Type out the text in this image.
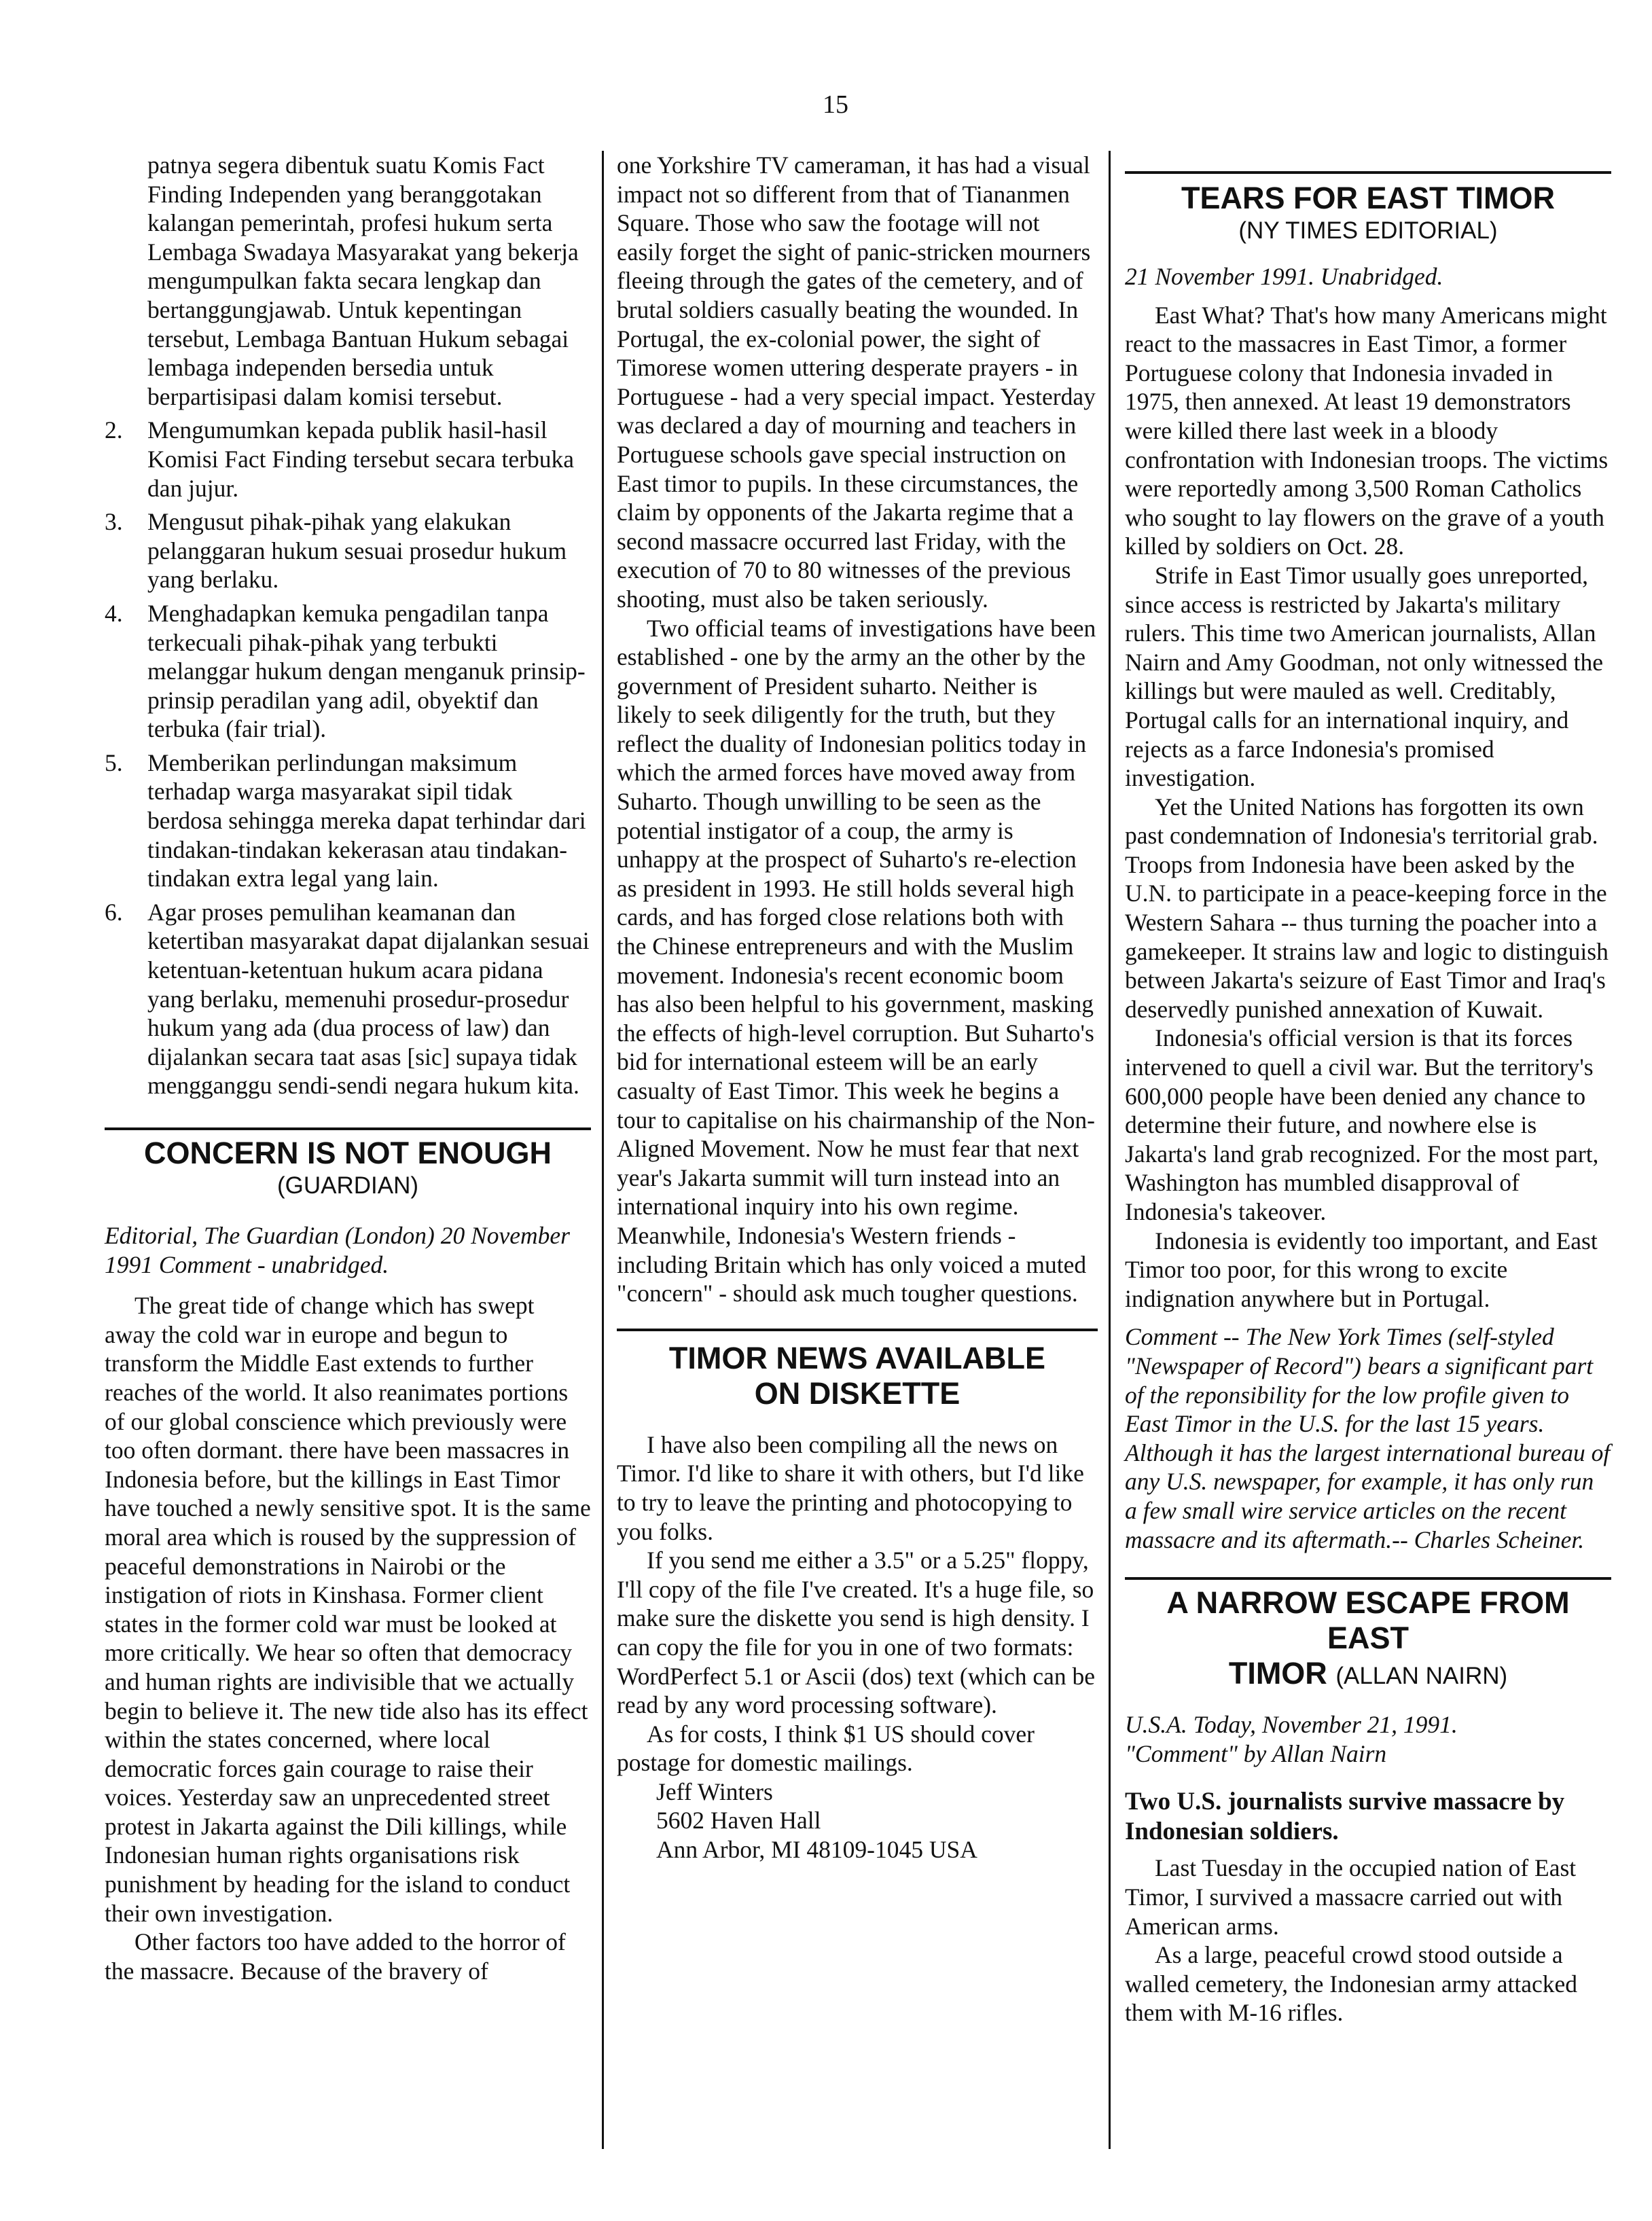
15

patnya segera dibentuk suatu Komis Fact Finding Independen yang beranggotakan kalangan pemerintah, profesi hukum serta Lembaga Swadaya Masyarakat yang bekerja mengumpulkan fakta secara lengkap dan bertanggungjawab. Untuk kepentingan tersebut, Lembaga Bantuan Hukum sebagai lembaga independen bersedia untuk berpartisipasi dalam komisi tersebut.

2. Mengumumkan kepada publik hasil-hasil Komisi Fact Finding tersebut secara terbuka dan jujur.
3. Mengusut pihak-pihak yang elakukan pelanggaran hukum sesuai prosedur hukum yang berlaku.
4. Menghadapkan kemuka pengadilan tanpa terkecuali pihak-pihak yang terbukti melanggar hukum dengan menganuk prinsip-prinsip peradilan yang adil, obyektif dan terbuka (fair trial).
5. Memberikan perlindungan maksimum terhadap warga masyarakat sipil tidak berdosa sehingga mereka dapat terhindar dari tindakan-tindakan kekerasan atau tindakan-tindakan extra legal yang lain.
6. Agar proses pemulihan keamanan dan ketertiban masyarakat dapat dijalankan sesuai ketentuan-ketentuan hukum acara pidana yang berlaku, memenuhi prosedur-prosedur hukum yang ada (dua process of law) dan dijalankan secara taat asas [sic] supaya tidak mengganggu sendi-sendi negara hukum kita.
CONCERN IS NOT ENOUGH
(GUARDIAN)

Editorial, The Guardian (London) 20 November 1991 Comment - unabridged.

The great tide of change which has swept away the cold war in europe and begun to transform the Middle East extends to further reaches of the world. It also reanimates portions of our global conscience which previously were too often dormant. there have been massacres in Indonesia before, but the killings in East Timor have touched a newly sensitive spot. It is the same moral area which is roused by the suppression of peaceful demonstrations in Nairobi or the instigation of riots in Kinshasa. Former client states in the former cold war must be looked at more critically. We hear so often that democracy and human rights are indivisible that we actually begin to believe it. The new tide also has its effect within the states concerned, where local democratic forces gain courage to raise their voices. Yesterday saw an unprecedented street protest in Jakarta against the Dili killings, while Indonesian human rights organisations risk punishment by heading for the island to conduct their own investigation.

Other factors too have added to the horror of the massacre. Because of the bravery of

one Yorkshire TV cameraman, it has had a visual impact not so different from that of Tiananmen Square. Those who saw the footage will not easily forget the sight of panic-stricken mourners fleeing through the gates of the cemetery, and of brutal soldiers casually beating the wounded. In Portugal, the ex-colonial power, the sight of Timorese women uttering desperate prayers - in Portuguese - had a very special impact. Yesterday was declared a day of mourning and teachers in Portuguese schools gave special instruction on East timor to pupils. In these circumstances, the claim by opponents of the Jakarta regime that a second massacre occurred last Friday, with the execution of 70 to 80 witnesses of the previous shooting, must also be taken seriously.

Two official teams of investigations have been established - one by the army an the other by the government of President suharto. Neither is likely to seek diligently for the truth, but they reflect the duality of Indonesian politics today in which the armed forces have moved away from Suharto. Though unwilling to be seen as the potential instigator of a coup, the army is unhappy at the prospect of Suharto's re-election as president in 1993. He still holds several high cards, and has forged close relations both with the Chinese entrepreneurs and with the Muslim movement. Indonesia's recent economic boom has also been helpful to his government, masking the effects of high-level corruption. But Suharto's bid for international esteem will be an early casualty of East Timor. This week he begins a tour to capitalise on his chairmanship of the Non-Aligned Movement. Now he must fear that next year's Jakarta summit will turn instead into an international inquiry into his own regime. Meanwhile, Indonesia's Western friends - including Britain which has only voiced a muted "concern" - should ask much tougher questions.

TIMOR NEWS AVAILABLE
ON DISKETTE

I have also been compiling all the news on Timor. I'd like to share it with others, but I'd like to try to leave the printing and photocopying to you folks.

If you send me either a 3.5" or a 5.25" floppy, I'll copy of the file I've created. It's a huge file, so make sure the diskette you send is high density. I can copy the file for you in one of two formats: WordPerfect 5.1 or Ascii (dos) text (which can be read by any word processing software).

As for costs, I think $1 US should cover postage for domestic mailings.

Jeff Winters
5602 Haven Hall
Ann Arbor, MI 48109-1045 USA
TEARS FOR EAST TIMOR
(NY TIMES EDITORIAL)

21 November 1991. Unabridged.

East What? That's how many Americans might react to the massacres in East Timor, a former Portuguese colony that Indonesia invaded in 1975, then annexed. At least 19 demonstrators were killed there last week in a bloody confrontation with Indonesian troops. The victims were reportedly among 3,500 Roman Catholics who sought to lay flowers on the grave of a youth killed by soldiers on Oct. 28.

Strife in East Timor usually goes unreported, since access is restricted by Jakarta's military rulers. This time two American journalists, Allan Nairn and Amy Goodman, not only witnessed the killings but were mauled as well. Creditably, Portugal calls for an international inquiry, and rejects as a farce Indonesia's promised investigation.

Yet the United Nations has forgotten its own past condemnation of Indonesia's territorial grab. Troops from Indonesia have been asked by the U.N. to participate in a peace-keeping force in the Western Sahara -- thus turning the poacher into a gamekeeper. It strains law and logic to distinguish between Jakarta's seizure of East Timor and Iraq's deservedly punished annexation of Kuwait.

Indonesia's official version is that its forces intervened to quell a civil war. But the territory's 600,000 people have been denied any chance to determine their future, and nowhere else is Jakarta's land grab recognized. For the most part, Washington has mumbled disapproval of Indonesia's takeover.

Indonesia is evidently too important, and East Timor too poor, for this wrong to excite indignation anywhere but in Portugal.

Comment -- The New York Times (self-styled "Newspaper of Record") bears a significant part of the reponsibility for the low profile given to East Timor in the U.S. for the last 15 years. Although it has the largest international bureau of any U.S. newspaper, for example, it has only run a few small wire service articles on the recent massacre and its aftermath.-- Charles Scheiner.

A NARROW ESCAPE FROM EAST
TIMOR (ALLAN NAIRN)

U.S.A. Today, November 21, 1991.
"Comment" by Allan Nairn

Two U.S. journalists survive massacre by Indonesian soldiers.

Last Tuesday in the occupied nation of East Timor, I survived a massacre carried out with American arms.

As a large, peaceful crowd stood outside a walled cemetery, the Indonesian army attacked them with M-16 rifles.
